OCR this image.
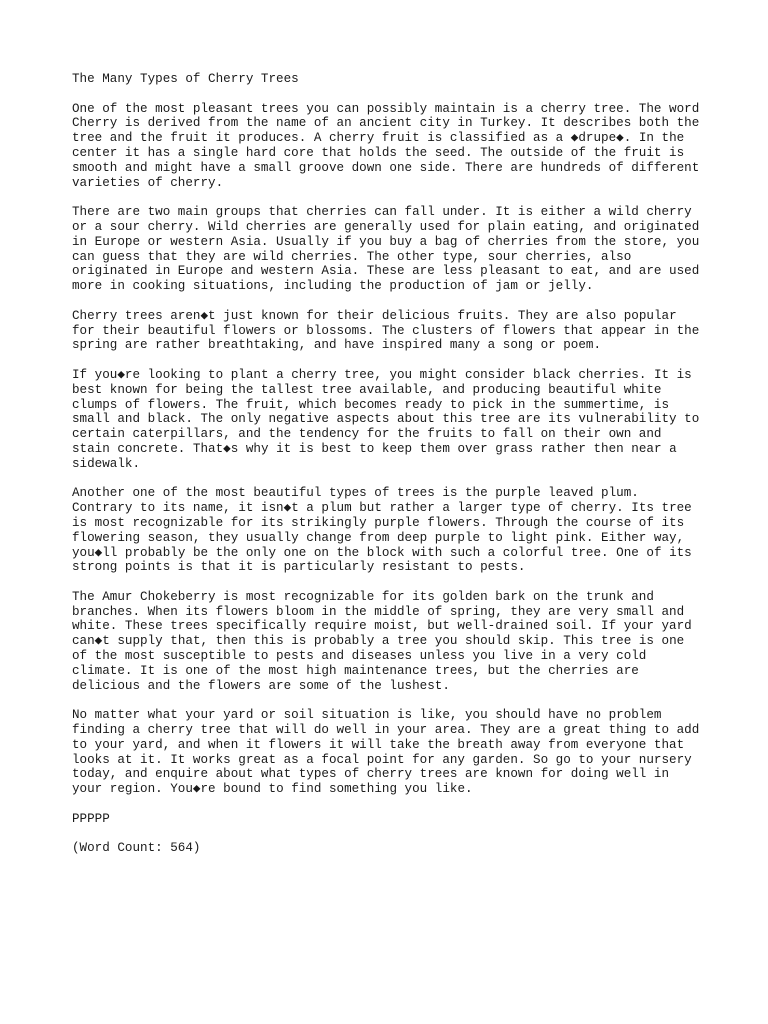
The Many Types of Cherry Trees
One of the most pleasant trees you can possibly maintain is a cherry tree. The word
Cherry is derived from the name of an ancient city in Turkey. It describes both the
tree and the fruit it produces. A cherry fruit is classified as a ◆drupe◆. In the
center it has a single hard core that holds the seed. The outside of the fruit is
smooth and might have a small groove down one side. There are hundreds of different
varieties of cherry.
There are two main groups that cherries can fall under. It is either a wild cherry
or a sour cherry. Wild cherries are generally used for plain eating, and originated
in Europe or western Asia. Usually if you buy a bag of cherries from the store, you
can guess that they are wild cherries. The other type, sour cherries, also
originated in Europe and western Asia. These are less pleasant to eat, and are used
more in cooking situations, including the production of jam or jelly.
Cherry trees aren◆t just known for their delicious fruits. They are also popular
for their beautiful flowers or blossoms. The clusters of flowers that appear in the
spring are rather breathtaking, and have inspired many a song or poem.
If you◆re looking to plant a cherry tree, you might consider black cherries. It is
best known for being the tallest tree available, and producing beautiful white
clumps of flowers. The fruit, which becomes ready to pick in the summertime, is
small and black. The only negative aspects about this tree are its vulnerability to
certain caterpillars, and the tendency for the fruits to fall on their own and
stain concrete. That◆s why it is best to keep them over grass rather then near a
sidewalk.
Another one of the most beautiful types of trees is the purple leaved plum.
Contrary to its name, it isn◆t a plum but rather a larger type of cherry. Its tree
is most recognizable for its strikingly purple flowers. Through the course of its
flowering season, they usually change from deep purple to light pink. Either way,
you◆ll probably be the only one on the block with such a colorful tree. One of its
strong points is that it is particularly resistant to pests.
The Amur Chokeberry is most recognizable for its golden bark on the trunk and
branches. When its flowers bloom in the middle of spring, they are very small and
white. These trees specifically require moist, but well-drained soil. If your yard
can◆t supply that, then this is probably a tree you should skip. This tree is one
of the most susceptible to pests and diseases unless you live in a very cold
climate. It is one of the most high maintenance trees, but the cherries are
delicious and the flowers are some of the lushest.
No matter what your yard or soil situation is like, you should have no problem
finding a cherry tree that will do well in your area. They are a great thing to add
to your yard, and when it flowers it will take the breath away from everyone that
looks at it. It works great as a focal point for any garden. So go to your nursery
today, and enquire about what types of cherry trees are known for doing well in
your region. You◆re bound to find something you like.
PPPPP
(Word Count: 564)
